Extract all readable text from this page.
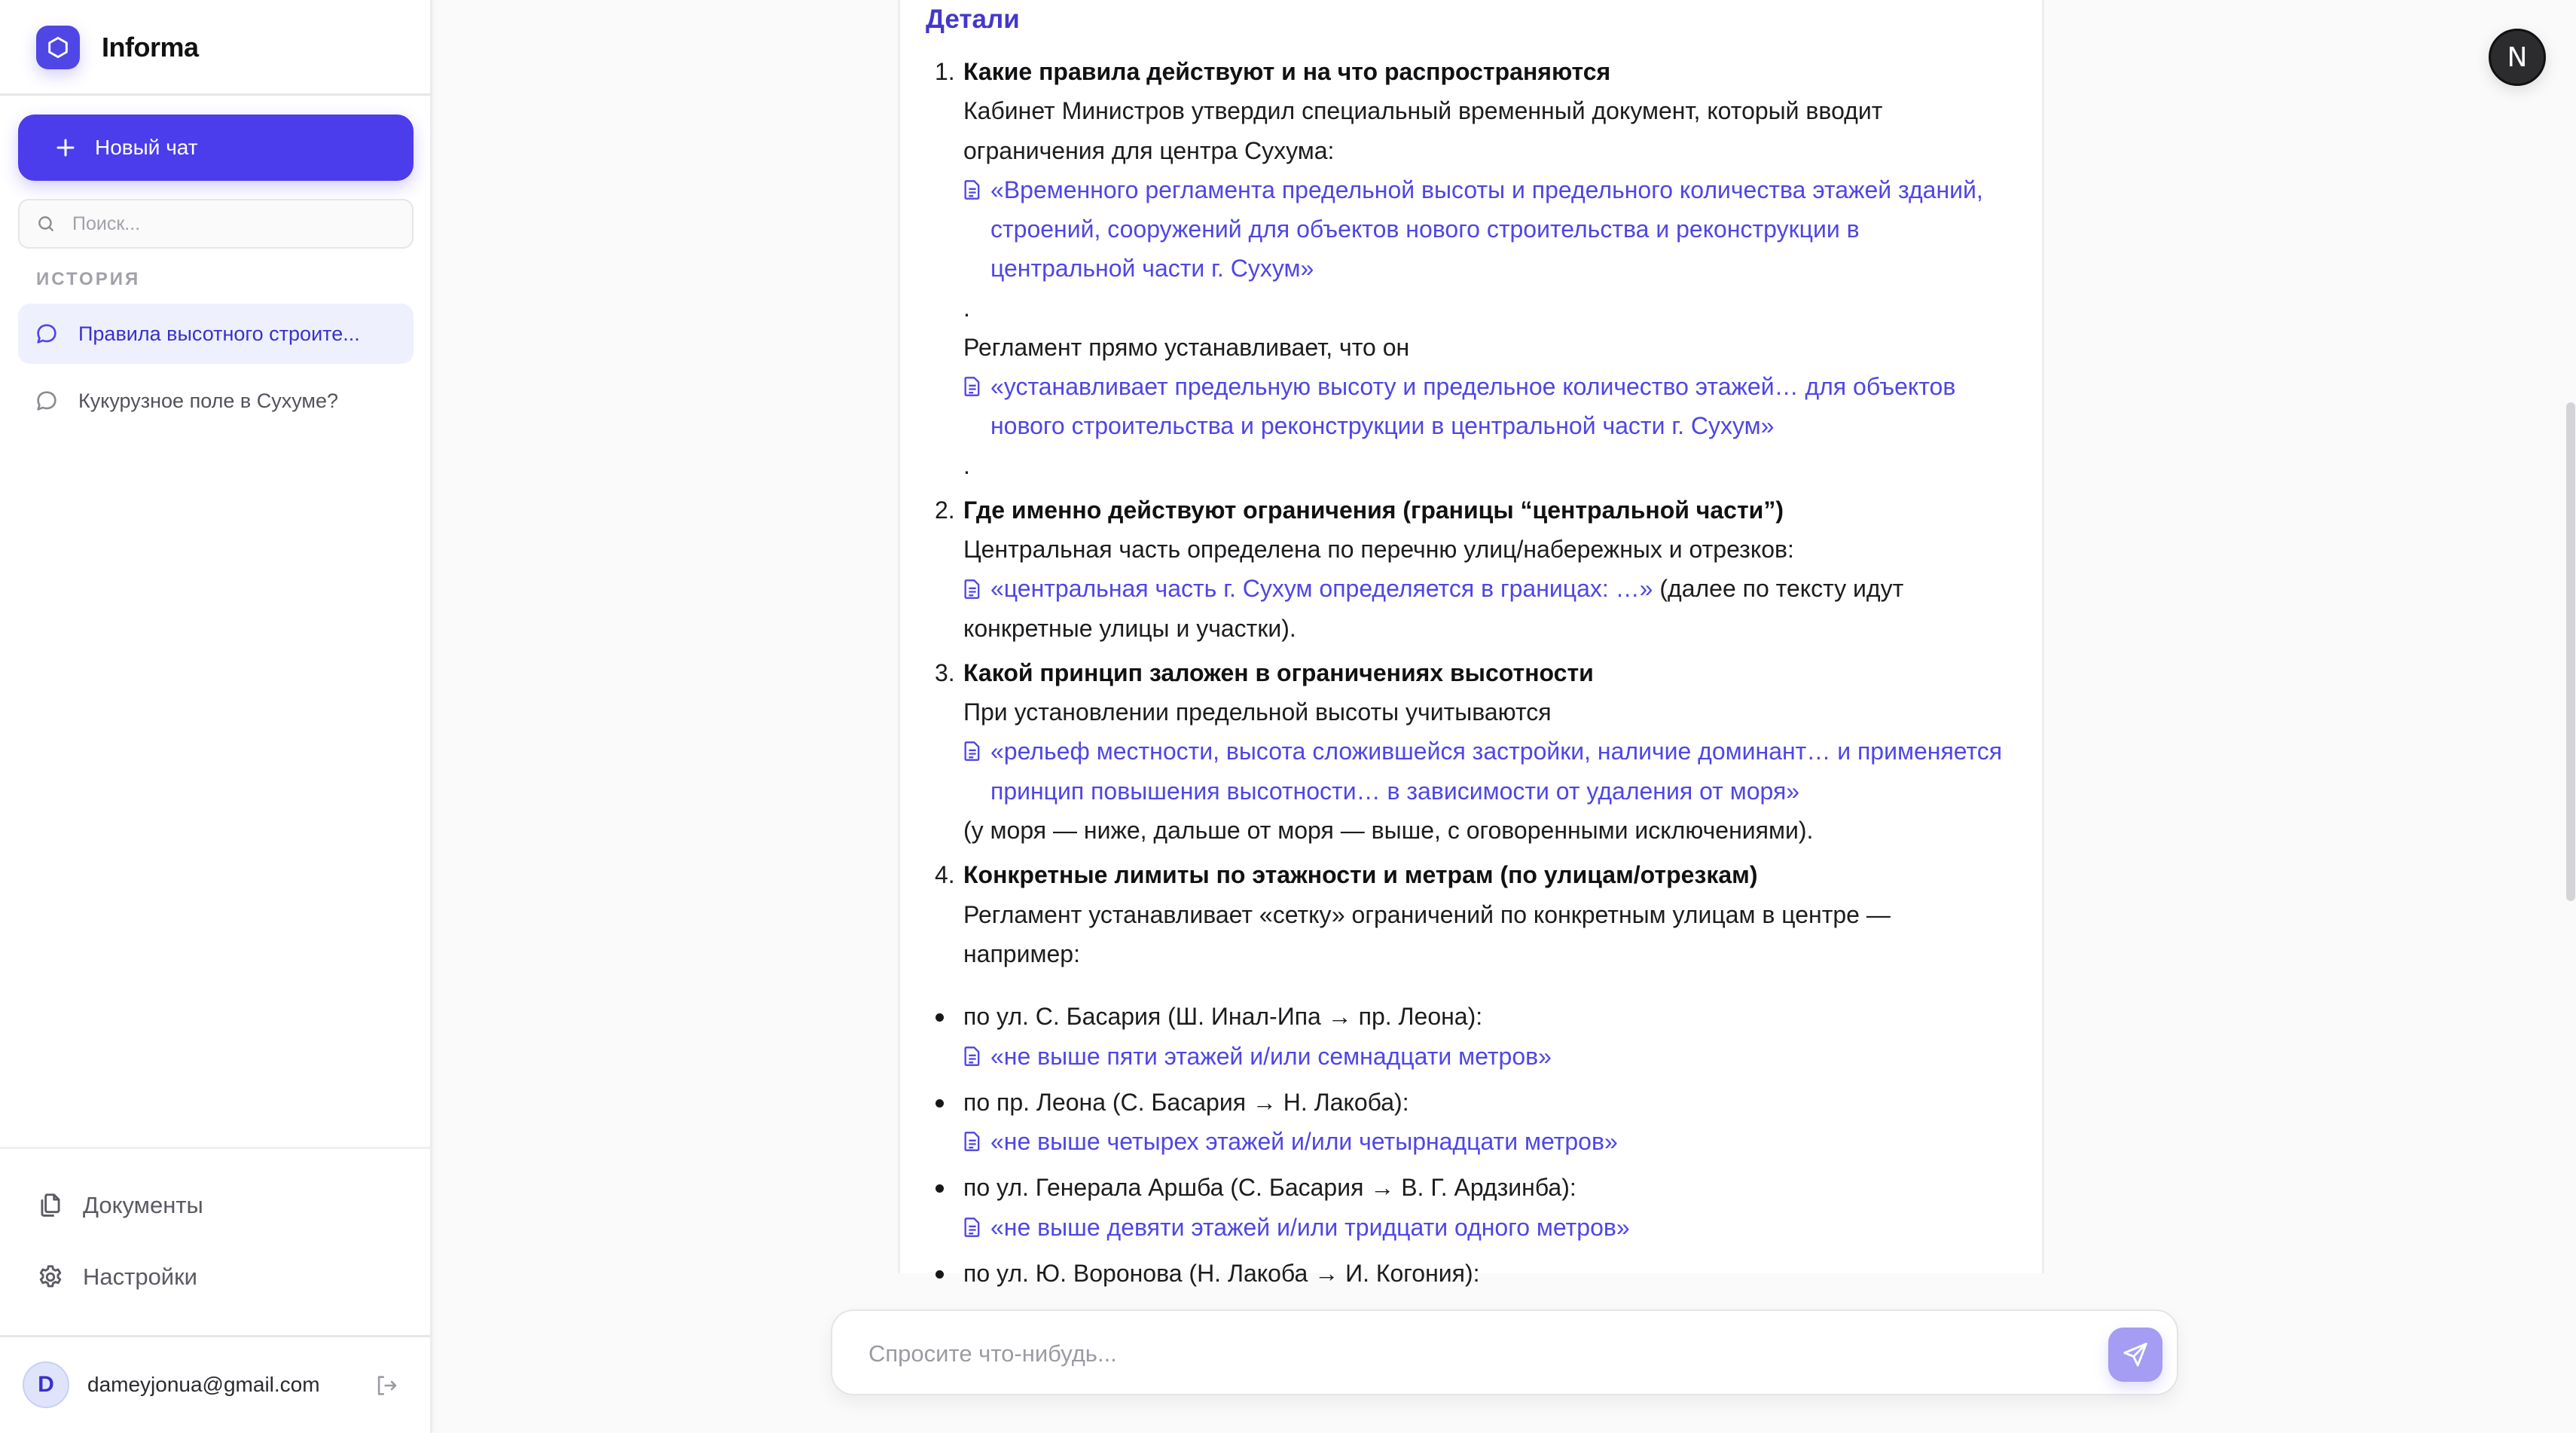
Informa
Новый чат
Поиск...
ИСТОРИЯ
Правила высотного строите...
Кукурузное поле в Сухуме?
Документы
Настройки
D	dameyjonua@gmail.com
Детали
1. Какие правила действуют и на что распространяются
Кабинет Министров утвердил специальный временный документ, который вводит ограничения для центра Сухума:
«Временного регламента предельной высоты и предельного количества этажей зданий, строений, сооружений для объектов нового строительства и реконструкции в центральной части г. Сухум»
.
Регламент прямо устанавливает, что он
«устанавливает предельную высоту и предельное количество этажей… для объектов нового строительства и реконструкции в центральной части г. Сухум»
.
2. Где именно действуют ограничения (границы “центральной части”)
Центральная часть определена по перечню улиц/набережных и отрезков:
«центральная часть г. Сухум определяется в границах: …» (далее по тексту идут конкретные улицы и участки).
3. Какой принцип заложен в ограничениях высотности
При установлении предельной высоты учитываются
«рельеф местности, высота сложившейся застройки, наличие доминант… и применяется принцип повышения высотности… в зависимости от удаления от моря»
(у моря — ниже, дальше от моря — выше, с оговоренными исключениями).
4. Конкретные лимиты по этажности и метрам (по улицам/отрезкам)
Регламент устанавливает «сетку» ограничений по конкретным улицам в центре — например:
по ул. С. Басария (Ш. Инал-Ипа → пр. Леона):
«не выше пяти этажей и/или семнадцати метров»
по пр. Леона (С. Басария → Н. Лакоба):
«не выше четырех этажей и/или четырнадцати метров»
по ул. Генерала Аршба (С. Басария → В. Г. Ардзинба):
«не выше девяти этажей и/или тридцати одного метров»
по ул. Ю. Воронова (Н. Лакоба → И. Когония):
Спросите что-нибудь...
N
